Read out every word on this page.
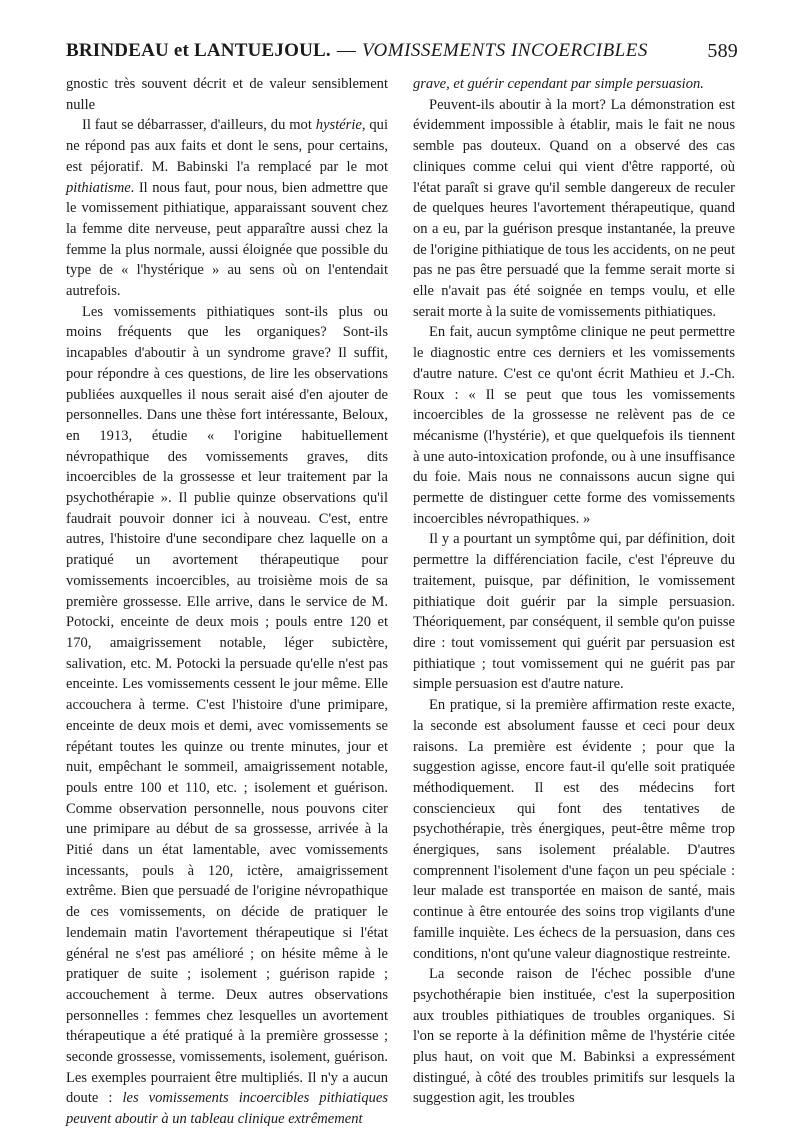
BRINDEAU et LANTUEJOUL. — VOMISSEMENTS INCOERCIBLES	589

gnostic très souvent décrit et de valeur sensiblement nulle

Il faut se débarrasser, d'ailleurs, du mot hystérie, qui ne répond pas aux faits et dont le sens, pour certains, est péjoratif. M. Babinski l'a remplacé par le mot pithiatisme. Il nous faut, pour nous, bien admettre que le vomissement pithiatique, apparaissant souvent chez la femme dite nerveuse, peut apparaître aussi chez la femme la plus normale, aussi éloignée que possible du type de « l'hystérique » au sens où on l'entendait autrefois.

Les vomissements pithiatiques sont-ils plus ou moins fréquents que les organiques? Sont-ils incapables d'aboutir à un syndrome grave? Il suffit, pour répondre à ces questions, de lire les observations publiées auxquelles il nous serait aisé d'en ajouter de personnelles. Dans une thèse fort intéressante, Beloux, en 1913, étudie « l'origine habituellement névropathique des vomissements graves, dits incoercibles de la grossesse et leur traitement par la psychothérapie ». Il publie quinze observations qu'il faudrait pouvoir donner ici à nouveau. C'est, entre autres, l'histoire d'une secondipare chez laquelle on a pratiqué un avortement thérapeutique pour vomissements incoercibles, au troisième mois de sa première grossesse. Elle arrive, dans le service de M. Potocki, enceinte de deux mois ; pouls entre 120 et 170, amaigrissement notable, léger subictère, salivation, etc. M. Potocki la persuade qu'elle n'est pas enceinte. Les vomissements cessent le jour même. Elle accouchera à terme. C'est l'histoire d'une primipare, enceinte de deux mois et demi, avec vomissements se répétant toutes les quinze ou trente minutes, jour et nuit, empêchant le sommeil, amaigrissement notable, pouls entre 100 et 110, etc. ; isolement et guérison. Comme observation personnelle, nous pouvons citer une primipare au début de sa grossesse, arrivée à la Pitié dans un état lamentable, avec vomissements incessants, pouls à 120, ictère, amaigrissement extrême. Bien que persuadé de l'origine névropathique de ces vomissements, on décide de pratiquer le lendemain matin l'avortement thérapeutique si l'état général ne s'est pas amélioré ; on hésite même à le pratiquer de suite ; isolement ; guérison rapide ; accouchement à terme. Deux autres observations personnelles : femmes chez lesquelles un avortement thérapeutique a été pratiqué à la première grossesse ; seconde grossesse, vomissements, isolement, guérison. Les exemples pourraient être multipliés. Il n'y a aucun doute : les vomissements incoercibles pithiatiques peuvent aboutir à un tableau clinique extrêmement

grave, et guérir cependant par simple persuasion.

Peuvent-ils aboutir à la mort? La démonstration est évidemment impossible à établir, mais le fait ne nous semble pas douteux. Quand on a observé des cas cliniques comme celui qui vient d'être rapporté, où l'état paraît si grave qu'il semble dangereux de reculer de quelques heures l'avortement thérapeutique, quand on a eu, par la guérison presque instantanée, la preuve de l'origine pithiatique de tous les accidents, on ne peut pas ne pas être persuadé que la femme serait morte si elle n'avait pas été soignée en temps voulu, et elle serait morte à la suite de vomissements pithiatiques.

En fait, aucun symptôme clinique ne peut permettre le diagnostic entre ces derniers et les vomissements d'autre nature. C'est ce qu'ont écrit Mathieu et J.-Ch. Roux : « Il se peut que tous les vomissements incoercibles de la grossesse ne relèvent pas de ce mécanisme (l'hystérie), et que quelquefois ils tiennent à une auto-intoxication profonde, ou à une insuffisance du foie. Mais nous ne connaissons aucun signe qui permette de distinguer cette forme des vomissements incoercibles névropathiques. »

Il y a pourtant un symptôme qui, par définition, doit permettre la différenciation facile, c'est l'épreuve du traitement, puisque, par définition, le vomissement pithiatique doit guérir par la simple persuasion. Théoriquement, par conséquent, il semble qu'on puisse dire : tout vomissement qui guérit par persuasion est pithiatique ; tout vomissement qui ne guérit pas par simple persuasion est d'autre nature.

En pratique, si la première affirmation reste exacte, la seconde est absolument fausse et ceci pour deux raisons. La première est évidente ; pour que la suggestion agisse, encore faut-il qu'elle soit pratiquée méthodiquement. Il est des médecins fort consciencieux qui font des tentatives de psychothérapie, très énergiques, peut-être même trop énergiques, sans isolement préalable. D'autres comprennent l'isolement d'une façon un peu spéciale : leur malade est transportée en maison de santé, mais continue à être entourée des soins trop vigilants d'une famille inquiète. Les échecs de la persuasion, dans ces conditions, n'ont qu'une valeur diagnostique restreinte.

La seconde raison de l'échec possible d'une psychothérapie bien instituée, c'est la superposition aux troubles pithiatiques de troubles organiques. Si l'on se reporte à la définition même de l'hystérie citée plus haut, on voit que M. Babinksi a expressément distingué, à côté des troubles primitifs sur lesquels la suggestion agit, les troubles
